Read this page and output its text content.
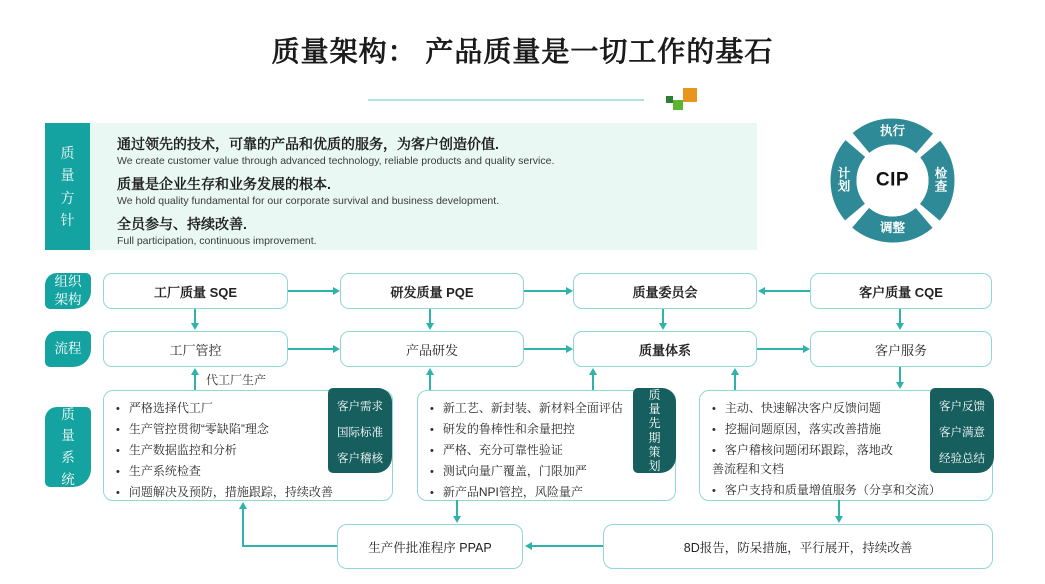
质量架构： 产品质量是一切工作的基石
质量方针

通过领先的技术，可靠的产品和优质的服务，为客户创造价值.

We create customer value through advanced technology, reliable products and quality service.

质量是企业生存和业务发展的根本.

We hold quality fundamental for our corporate survival and business development.

全员参与、持续改善.

Full participation, continuous improvement.

执行
检查
调整
计划	CIP
组织架构	工厂质量 SQE	研发质量 PQE	质量委员会	客户质量 CQE
流程	工厂管控	产品研发	质量体系	客户服务
代工厂生产
质量系统
• 严格选择代工厂
• 生产管控贯彻“零缺陷”理念
• 生产数据监控和分析
• 生产系统检查
• 问题解决及预防，措施跟踪，持续改善
客户需求
国际标准
客户稽核
• 新工艺、新封装、新材料全面评估
• 研发的鲁棒性和余量把控
• 严格、充分可靠性验证
• 测试向量广覆盖，门限加严
• 新产品NPI管控，风险量产
质量先期策划
• 主动、快速解决客户反馈问题
• 挖掘问题原因，落实改善措施
• 客户稽核问题闭环跟踪，落地改善流程和文档
• 客户支持和质量增值服务（分享和交流）
客户反馈
客户满意
经验总结
生产件批准程序 PPAP	8D报告，防呆措施，平行展开，持续改善
